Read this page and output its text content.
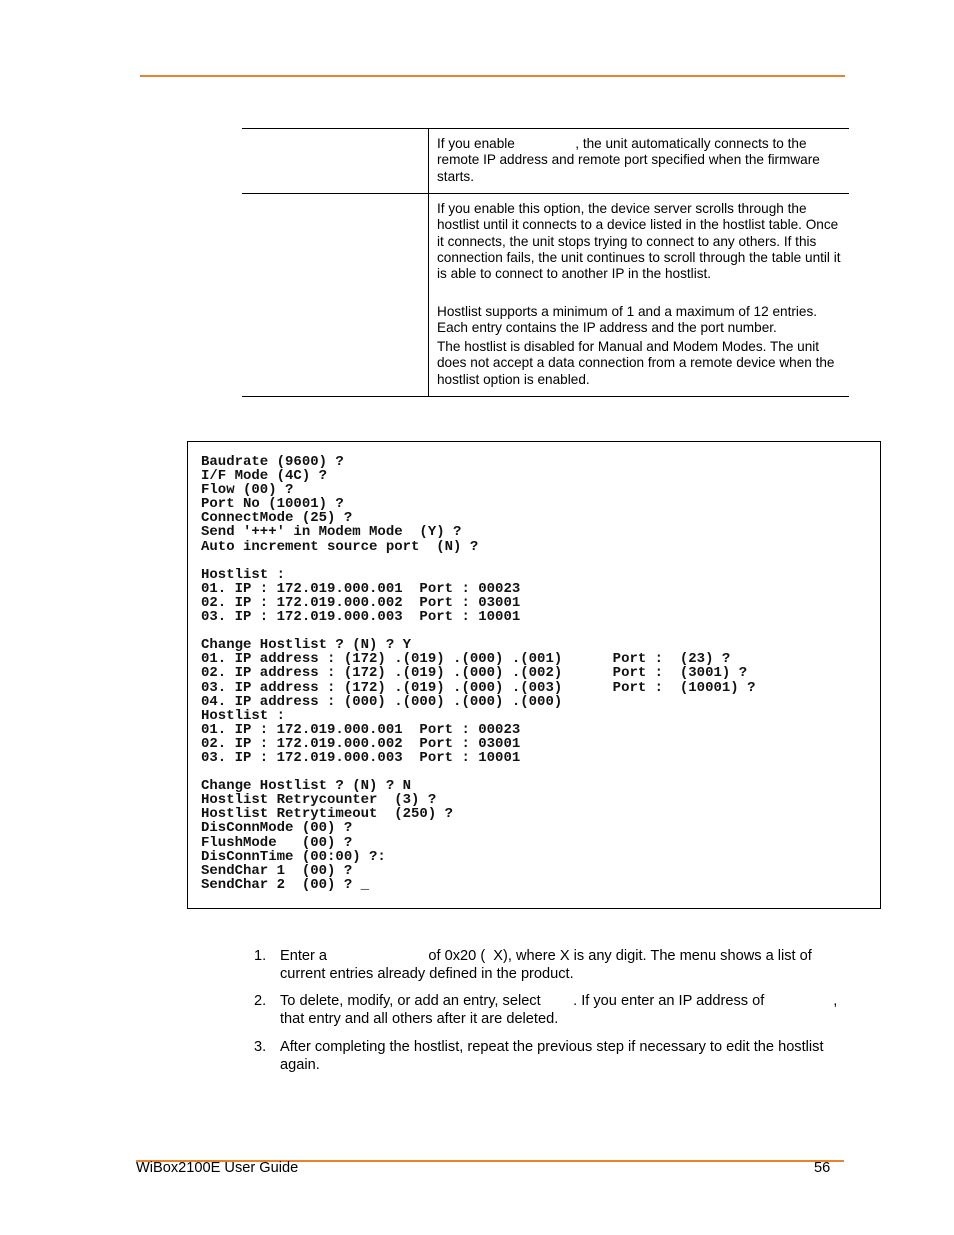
If you enable                , the unit automatically connects to the remote IP address and remote port specified when the firmware starts.
If you enable this option, the device server scrolls through the hostlist until it connects to a device listed in the hostlist table. Once it connects, the unit stops trying to connect to any others. If this connection fails, the unit continues to scroll through the table until it is able to connect to another IP in the hostlist.
Hostlist supports a minimum of 1 and a maximum of 12 entries. Each entry contains the IP address and the port number.
The hostlist is disabled for Manual and Modem Modes. The unit does not accept a data connection from a remote device when the hostlist option is enabled.
Baudrate (9600) ?
I/F Mode (4C) ?
Flow (00) ?
Port No (10001) ?
ConnectMode (25) ?
Send '+++' in Modem Mode  (Y) ?
Auto increment source port  (N) ?
Hostlist :
01. IP : 172.019.000.001  Port : 00023
02. IP : 172.019.000.002  Port : 03001
03. IP : 172.019.000.003  Port : 10001
Change Hostlist ? (N) ? Y
01. IP address : (172) .(019) .(000) .(001)      Port :  (23) ?
02. IP address : (172) .(019) .(000) .(002)      Port :  (3001) ?
03. IP address : (172) .(019) .(000) .(003)      Port :  (10001) ?
04. IP address : (000) .(000) .(000) .(000)
Hostlist :
01. IP : 172.019.000.001  Port : 00023
02. IP : 172.019.000.002  Port : 03001
03. IP : 172.019.000.003  Port : 10001
Change Hostlist ? (N) ? N
Hostlist Retrycounter  (3) ?
Hostlist Retrytimeout  (250) ?
DisConnMode (00) ?
FlushMode   (00) ?
DisConnTime (00:00) ?:
SendChar 1  (00) ?
SendChar 2  (00) ? _
1. Enter a                         of 0x20 (  X), where X is any digit. The menu shows a list of current entries already defined in the product.
2. To delete, modify, or add an entry, select        . If you enter an IP address of                 , that entry and all others after it are deleted.
3. After completing the hostlist, repeat the previous step if necessary to edit the hostlist again.
WiBox2100E User Guide	56
